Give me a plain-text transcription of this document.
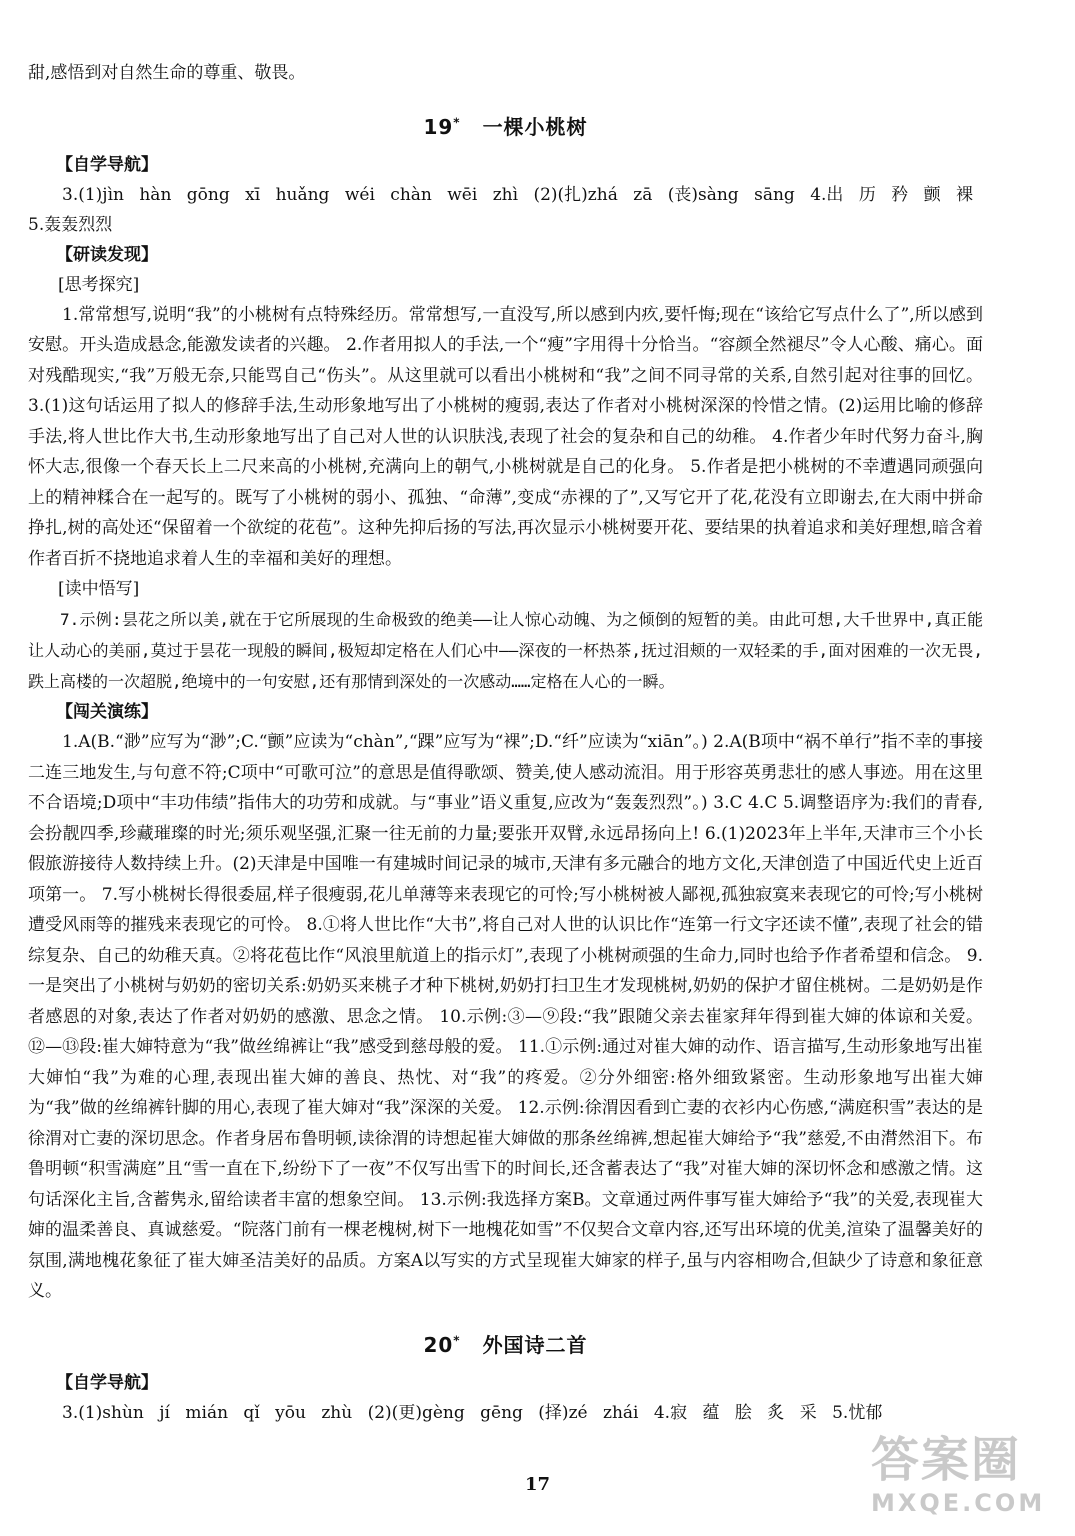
甜,感悟到对自然生命的尊重、敬畏。

19* 一棵小桃树
【自学导航】

3.(1)jìn hàn gōng xī huǎng wéi chàn wēi zhì (2)(扎)zhá zā (丧)sàng sāng 4.出 历 矜 颤 裸 5.轰轰烈烈

【研读发现】
[思考探究]

1.常常想写,说明“我”的小桃树有点特殊经历。常常想写,一直没写,所以感到内疚,要忏悔;现在“该给它写点什么了”,所以感到安慰。开头造成悬念,能激发读者的兴趣。 2.作者用拟人的手法,一个“瘦”字用得十分恰当。“容颜全然褪尽”令人心酸、痛心。面对残酷现实,“我”万般无奈,只能骂自己“伤头”。从这里就可以看出小桃树和“我”之间不同寻常的关系,自然引起对往事的回忆。 3.(1)这句话运用了拟人的修辞手法,生动形象地写出了小桃树的瘦弱,表达了作者对小桃树深深的怜惜之情。(2)运用比喻的修辞手法,将人世比作大书,生动形象地写出了自己对人世的认识肤浅,表现了社会的复杂和自己的幼稚。 4.作者少年时代努力奋斗,胸怀大志,很像一个春天长上二尺来高的小桃树,充满向上的朝气,小桃树就是自己的化身。 5.作者是把小桃树的不幸遭遇同顽强向上的精神糅合在一起写的。既写了小桃树的弱小、孤独、“命薄”,变成“赤裸的了”,又写它开了花,花没有立即谢去,在大雨中拼命挣扎,树的高处还“保留着一个欲绽的花苞”。这种先抑后扬的写法,再次显示小桃树要开花、要结果的执着追求和美好理想,暗含着作者百折不挠地追求着人生的幸福和美好的理想。

[读中悟写]

7.示例:昙花之所以美,就在于它所展现的生命极致的绝美——让人惊心动魄、为之倾倒的短暂的美。由此可想,大千世界中,真正能让人动心的美丽,莫过于昙花一现般的瞬间,极短却定格在人们心中——深夜的一杯热茶,抚过泪颊的一双轻柔的手,面对困难的一次无畏,跌上高楼的一次超脱,绝境中的一句安慰,还有那情到深处的一次感动……定格在人心的一瞬。

【闯关演练】

1.A(B.“渺”应写为“渺”;C.“颤”应读为“chàn”,“踝”应写为“裸”;D.“纤”应读为“xiān”。) 2.A(B项中“祸不单行”指不幸的事接二连三地发生,与句意不符;C项中“可歌可泣”的意思是值得歌颂、赞美,使人感动流泪。用于形容英勇悲壮的感人事迹。用在这里不合语境;D项中“丰功伟绩”指伟大的功劳和成就。与“事业”语义重复,应改为“轰轰烈烈”。) 3.C 4.C 5.调整语序为:我们的青春,会扮靓四季,珍藏璀璨的时光;须乐观坚强,汇聚一往无前的力量;要张开双臂,永远昂扬向上! 6.(1)2023年上半年,天津市三个小长假旅游接待人数持续上升。(2)天津是中国唯一有建城时间记录的城市,天津有多元融合的地方文化,天津创造了中国近代史上近百项第一。 7.写小桃树长得很委屈,样子很瘦弱,花儿单薄等来表现它的可怜;写小桃树被人鄙视,孤独寂寞来表现它的可怜;写小桃树遭受风雨等的摧残来表现它的可怜。 8.①将人世比作“大书”,将自己对人世的认识比作“连第一行文字还读不懂”,表现了社会的错综复杂、自己的幼稚天真。②将花苞比作“风浪里航道上的指示灯”,表现了小桃树顽强的生命力,同时也给予作者希望和信念。 9.一是突出了小桃树与奶奶的密切关系:奶奶买来桃子才种下桃树,奶奶打扫卫生才发现桃树,奶奶的保护才留住桃树。二是奶奶是作者感恩的对象,表达了作者对奶奶的感激、思念之情。 10.示例:③—⑨段:“我”跟随父亲去崔家拜年得到崔大婶的体谅和关爱。 ⑫—⑬段:崔大婶特意为“我”做丝绵裤让“我”感受到慈母般的爱。 11.①示例:通过对崔大婶的动作、语言描写,生动形象地写出崔大婶怕“我”为难的心理,表现出崔大婶的善良、热忱、对“我”的疼爱。②分外细密:格外细致紧密。生动形象地写出崔大婶为“我”做的丝绵裤针脚的用心,表现了崔大婶对“我”深深的关爱。 12.示例:徐渭因看到亡妻的衣衫内心伤感,“满庭积雪”表达的是徐渭对亡妻的深切思念。作者身居布鲁明顿,读徐渭的诗想起崔大婶做的那条丝绵裤,想起崔大婶给予“我”慈爱,不由潸然泪下。布鲁明顿“积雪满庭”且“雪一直在下,纷纷下了一夜”不仅写出雪下的时间长,还含蓄表达了“我”对崔大婶的深切怀念和感激之情。这句话深化主旨,含蓄隽永,留给读者丰富的想象空间。 13.示例:我选择方案B。文章通过两件事写崔大婶给予“我”的关爱,表现崔大婶的温柔善良、真诚慈爱。“院落门前有一棵老槐树,树下一地槐花如雪”不仅契合文章内容,还写出环境的优美,渲染了温馨美好的氛围,满地槐花象征了崔大婶圣洁美好的品质。方案A以写实的方式呈现崔大婶家的样子,虽与内容相吻合,但缺少了诗意和象征意义。

20* 外国诗二首
【自学导航】

3.(1)shùn jí mián qǐ yōu zhù (2)(更)gèng gēng (择)zé zhái 4.寂 蕴 脍 炙 采 5.忧郁

17	答案圈
MXQE.COM
